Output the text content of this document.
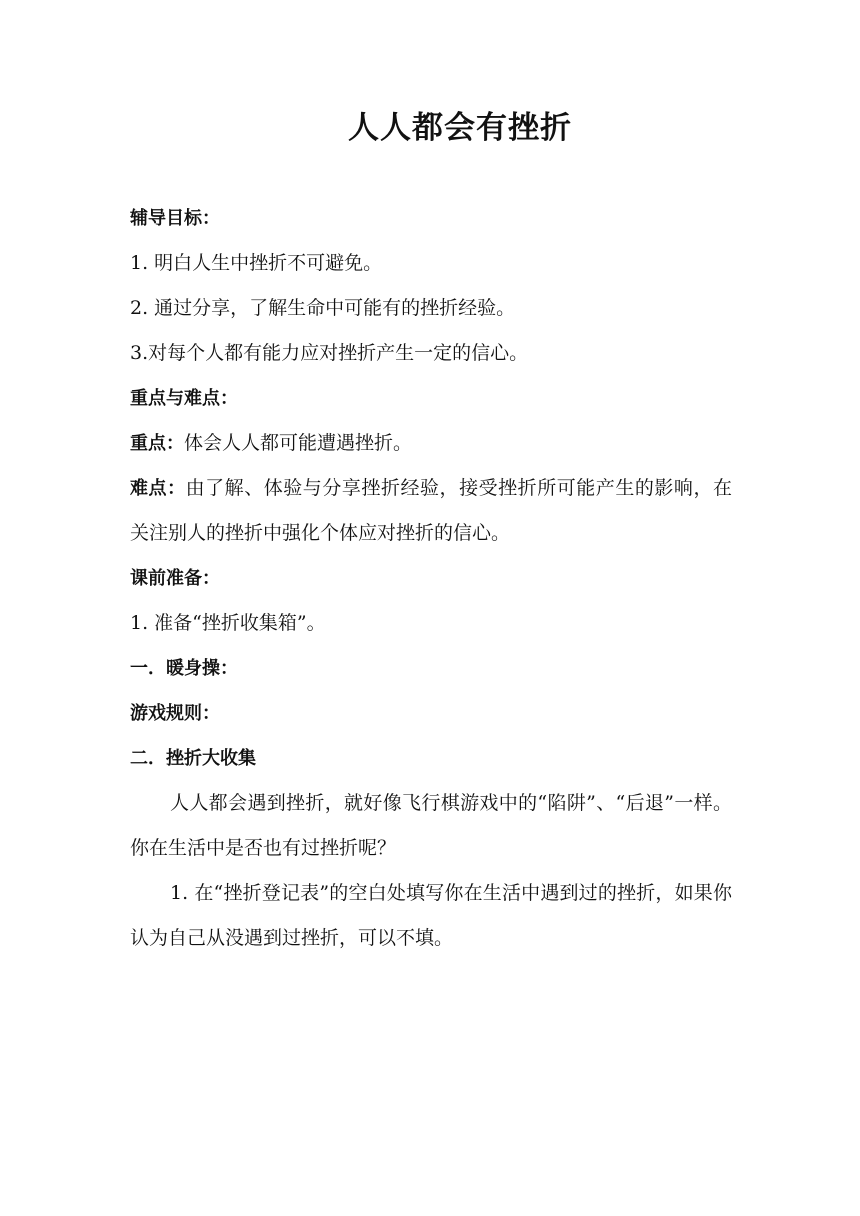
人人都会有挫折

辅导目标：

1. 明白人生中挫折不可避免。

2. 通过分享，了解生命中可能有的挫折经验。

3.对每个人都有能力应对挫折产生一定的信心。

重点与难点：

重点：体会人人都可能遭遇挫折。

难点：由了解、体验与分享挫折经验，接受挫折所可能产生的影响，在关注别人的挫折中强化个体应对挫折的信心。

课前准备：

1. 准备“挫折收集箱”。

一．暖身操：

游戏规则：

二．挫折大收集

人人都会遇到挫折，就好像飞行棋游戏中的“陷阱”、“后退”一样。你在生活中是否也有过挫折呢？

1. 在“挫折登记表”的空白处填写你在生活中遇到过的挫折，如果你认为自己从没遇到过挫折，可以不填。
